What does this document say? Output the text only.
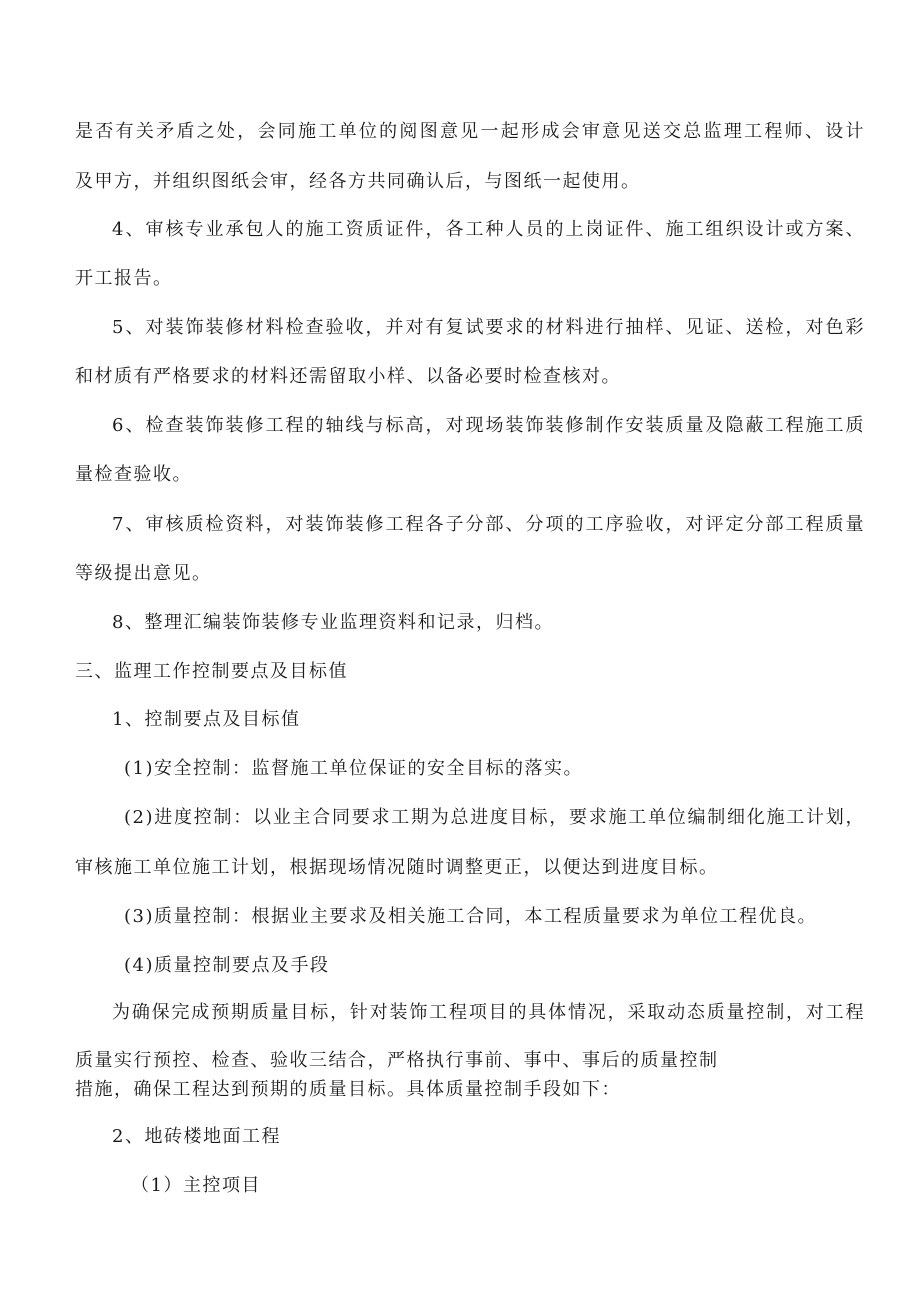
是否有关矛盾之处，会同施工单位的阅图意见一起形成会审意见送交总监理工程师、设计
及甲方，并组织图纸会审，经各方共同确认后，与图纸一起使用。
4、审核专业承包人的施工资质证件，各工种人员的上岗证件、施工组织设计或方案、
开工报告。
5、对装饰装修材料检查验收，并对有复试要求的材料进行抽样、见证、送检，对色彩
和材质有严格要求的材料还需留取小样、以备必要时检查核对。
6、检查装饰装修工程的轴线与标高，对现场装饰装修制作安装质量及隐蔽工程施工质
量检查验收。
7、审核质检资料，对装饰装修工程各子分部、分项的工序验收，对评定分部工程质量
等级提出意见。
8、整理汇编装饰装修专业监理资料和记录，归档。
三、监理工作控制要点及目标值
1、控制要点及目标值
(1)安全控制：监督施工单位保证的安全目标的落实。
(2)进度控制：以业主合同要求工期为总进度目标，要求施工单位编制细化施工计划，
审核施工单位施工计划，根据现场情况随时调整更正，以便达到进度目标。
(3)质量控制：根据业主要求及相关施工合同，本工程质量要求为单位工程优良。
(4)质量控制要点及手段
为确保完成预期质量目标，针对装饰工程项目的具体情况，采取动态质量控制，对工程
质量实行预控、检查、验收三结合，严格执行事前、事中、事后的质量控制
措施，确保工程达到预期的质量目标。具体质量控制手段如下：
2、地砖楼地面工程
（1）主控项目
